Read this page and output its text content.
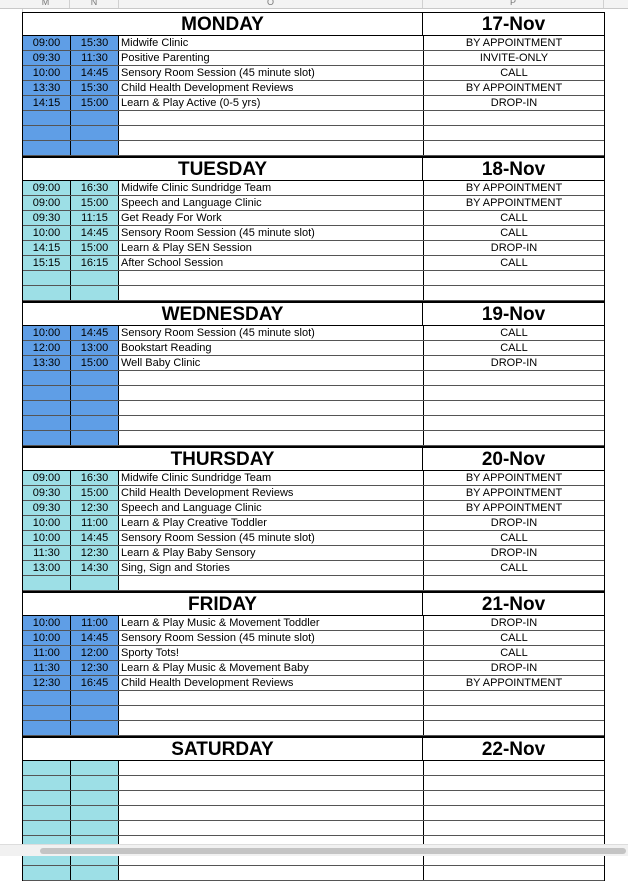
M	N	O	P
MONDAY	17-Nov
09:00	15:30	Midwife Clinic	BY APPOINTMENT
09:30	11:30	Positive Parenting	INVITE-ONLY
10:00	14:45	Sensory Room Session (45 minute slot)	CALL
13:30	15:30	Child Health Development Reviews	BY APPOINTMENT
14:15	15:00	Learn & Play Active (0-5 yrs)	DROP-IN
TUESDAY	18-Nov
09:00	16:30	Midwife Clinic Sundridge Team	BY APPOINTMENT
09:00	15:00	Speech and Language Clinic	BY APPOINTMENT
09:30	11:15	Get Ready For Work	CALL
10:00	14:45	Sensory Room Session (45 minute slot)	CALL
14:15	15:00	Learn & Play SEN Session	DROP-IN
15:15	16:15	After School Session	CALL
WEDNESDAY	19-Nov
10:00	14:45	Sensory Room Session (45 minute slot)	CALL
12:00	13:00	Bookstart Reading	CALL
13:30	15:00	Well Baby Clinic	DROP-IN
THURSDAY	20-Nov
09:00	16:30	Midwife Clinic Sundridge Team	BY APPOINTMENT
09:30	15:00	Child Health Development Reviews	BY APPOINTMENT
09:30	12:30	Speech and Language Clinic	BY APPOINTMENT
10:00	11:00	Learn & Play Creative Toddler	DROP-IN
10:00	14:45	Sensory Room Session (45 minute slot)	CALL
11:30	12:30	Learn & Play Baby Sensory	DROP-IN
13:00	14:30	Sing, Sign and Stories	CALL
FRIDAY	21-Nov
10:00	11:00	Learn & Play Music & Movement Toddler	DROP-IN
10:00	14:45	Sensory Room Session (45 minute slot)	CALL
11:00	12:00	Sporty Tots!	CALL
11:30	12:30	Learn & Play Music & Movement Baby	DROP-IN
12:30	16:45	Child Health Development Reviews	BY APPOINTMENT
SATURDAY	22-Nov
